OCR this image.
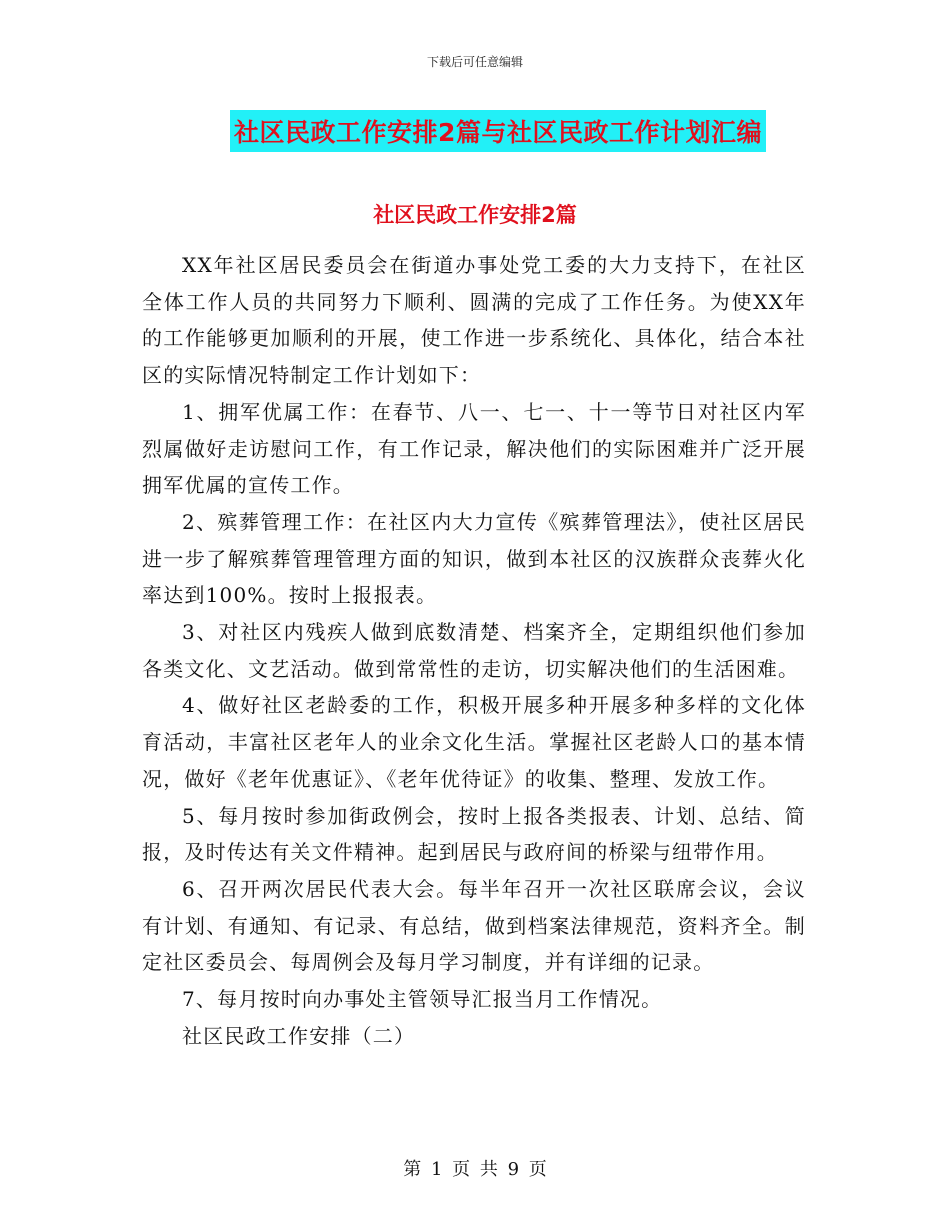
下载后可任意编辑
社区民政工作安排2篇与社区民政工作计划汇编
社区民政工作安排2篇

XX年社区居民委员会在街道办事处党工委的大力支持下，在社区全体工作人员的共同努力下顺利、圆满的完成了工作任务。为使XX年的工作能够更加顺利的开展，使工作进一步系统化、具体化，结合本社区的实际情况特制定工作计划如下：

1、拥军优属工作：在春节、八一、七一、十一等节日对社区内军烈属做好走访慰问工作，有工作记录，解决他们的实际困难并广泛开展拥军优属的宣传工作。

2、殡葬管理工作：在社区内大力宣传《殡葬管理法》，使社区居民进一步了解殡葬管理管理方面的知识，做到本社区的汉族群众丧葬火化率达到100%。按时上报报表。

3、对社区内残疾人做到底数清楚、档案齐全，定期组织他们参加各类文化、文艺活动。做到常常性的走访，切实解决他们的生活困难。

4、做好社区老龄委的工作，积极开展多种开展多种多样的文化体育活动，丰富社区老年人的业余文化生活。掌握社区老龄人口的基本情况，做好《老年优惠证》、《老年优待证》的收集、整理、发放工作。

5、每月按时参加街政例会，按时上报各类报表、计划、总结、简报，及时传达有关文件精神。起到居民与政府间的桥梁与纽带作用。

6、召开两次居民代表大会。每半年召开一次社区联席会议，会议有计划、有通知、有记录、有总结，做到档案法律规范，资料齐全。制定社区委员会、每周例会及每月学习制度，并有详细的记录。

7、每月按时向办事处主管领导汇报当月工作情况。

社区民政工作安排（二）

第 1 页 共 9 页
